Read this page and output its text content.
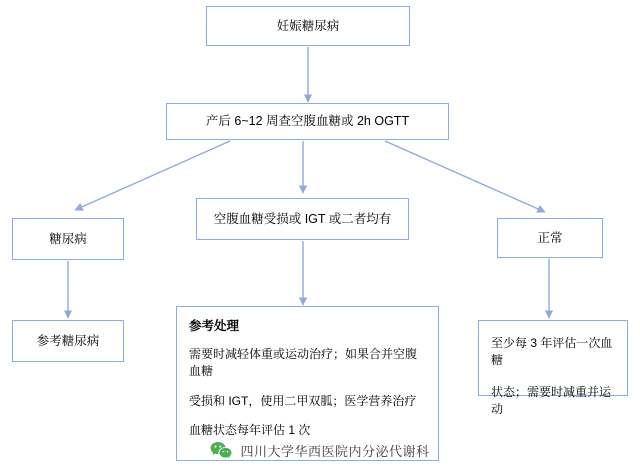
妊娠糖尿病
产后 6~12 周查空腹血糖或 2h OGTT
糖尿病
空腹血糖受损或 IGT 或二者均有
正常
参考糖尿病
参考处理
需要时减轻体重或运动治疗；如果合并空腹血糖
受损和 IGT，使用二甲双胍；医学营养治疗
血糖状态每年评估 1 次
至少每 3 年评估一次血糖
状态；需要时减重并运动
四川大学华西医院内分泌代谢科
